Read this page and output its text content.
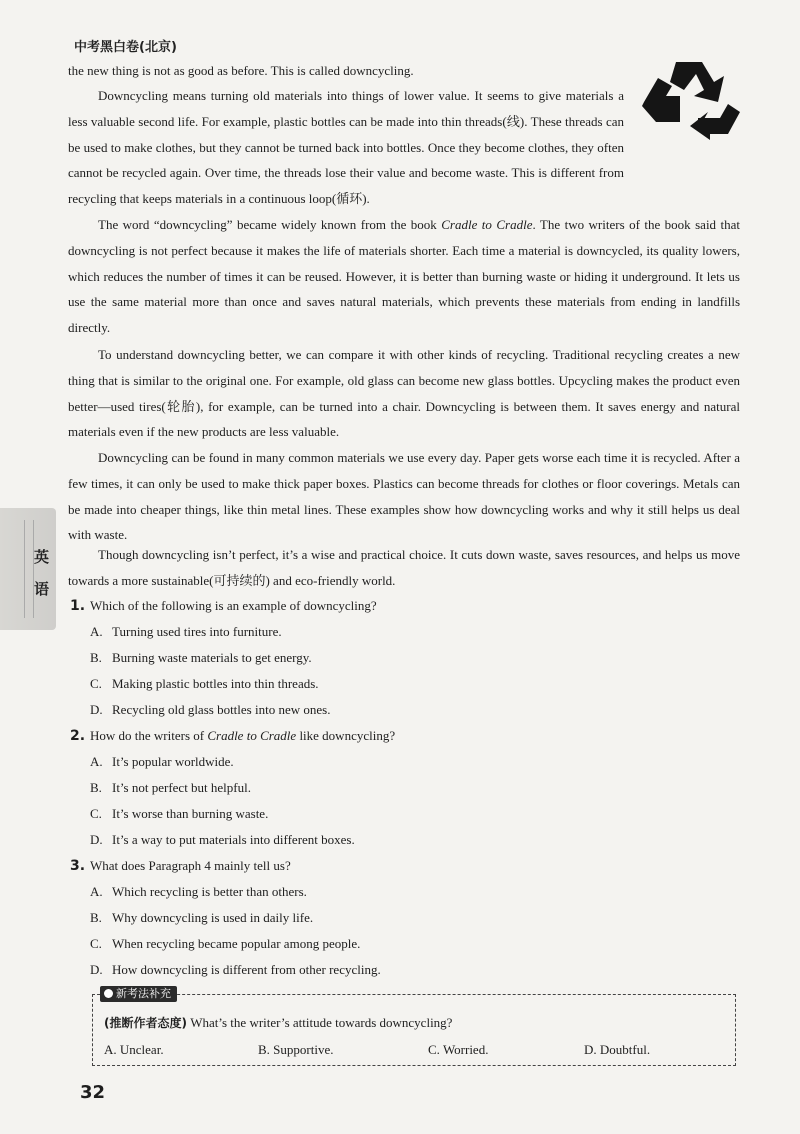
中考黑白卷(北京)
英
语

the new thing is not as good as before. This is called downcycling.

Downcycling means turning old materials into things of lower value. It seems to give materials a less valuable second life. For example, plastic bottles can be made into thin threads(线). These threads can be used to make clothes, but they cannot be turned back into bottles. Once they become clothes, they often cannot be recycled again. Over time, the threads lose their value and become waste. This is different from recycling that keeps materials in a continuous loop(循环).

The word “downcycling” became widely known from the book Cradle to Cradle. The two writers of the book said that downcycling is not perfect because it makes the life of materials shorter. Each time a material is downcycled, its quality lowers, which reduces the number of times it can be reused. However, it is better than burning waste or hiding it underground. It lets us use the same material more than once and saves natural materials, which prevents these materials from ending in landfills directly.

To understand downcycling better, we can compare it with other kinds of recycling. Traditional recycling creates a new thing that is similar to the original one. For example, old glass can become new glass bottles. Upcycling makes the product even better—used tires(轮胎), for example, can be turned into a chair. Downcycling is between them. It saves energy and natural materials even if the new products are less valuable.

Downcycling can be found in many common materials we use every day. Paper gets worse each time it is recycled. After a few times, it can only be used to make thick paper boxes. Plastics can become threads for clothes or floor coverings. Metals can be made into cheaper things, like thin metal lines. These examples show how downcycling works and why it still helps us deal with waste.

Though downcycling isn’t perfect, it’s a wise and practical choice. It cuts down waste, saves resources, and helps us move towards a more sustainable(可持续的) and eco-friendly world.

1. Which of the following is an example of downcycling?
A. Turning used tires into furniture.
B. Burning waste materials to get energy.
C. Making plastic bottles into thin threads.
D. Recycling old glass bottles into new ones.
2. How do the writers of Cradle to Cradle like downcycling?
A. It’s popular worldwide.
B. It’s not perfect but helpful.
C. It’s worse than burning waste.
D. It’s a way to put materials into different boxes.
3. What does Paragraph 4 mainly tell us?
A. Which recycling is better than others.
B. Why downcycling is used in daily life.
C. When recycling became popular among people.
D. How downcycling is different from other recycling.
新考法补充
(推断作者态度) What’s the writer’s attitude towards downcycling?
A. Unclear.	B. Supportive.	C. Worried.	D. Doubtful.
32
